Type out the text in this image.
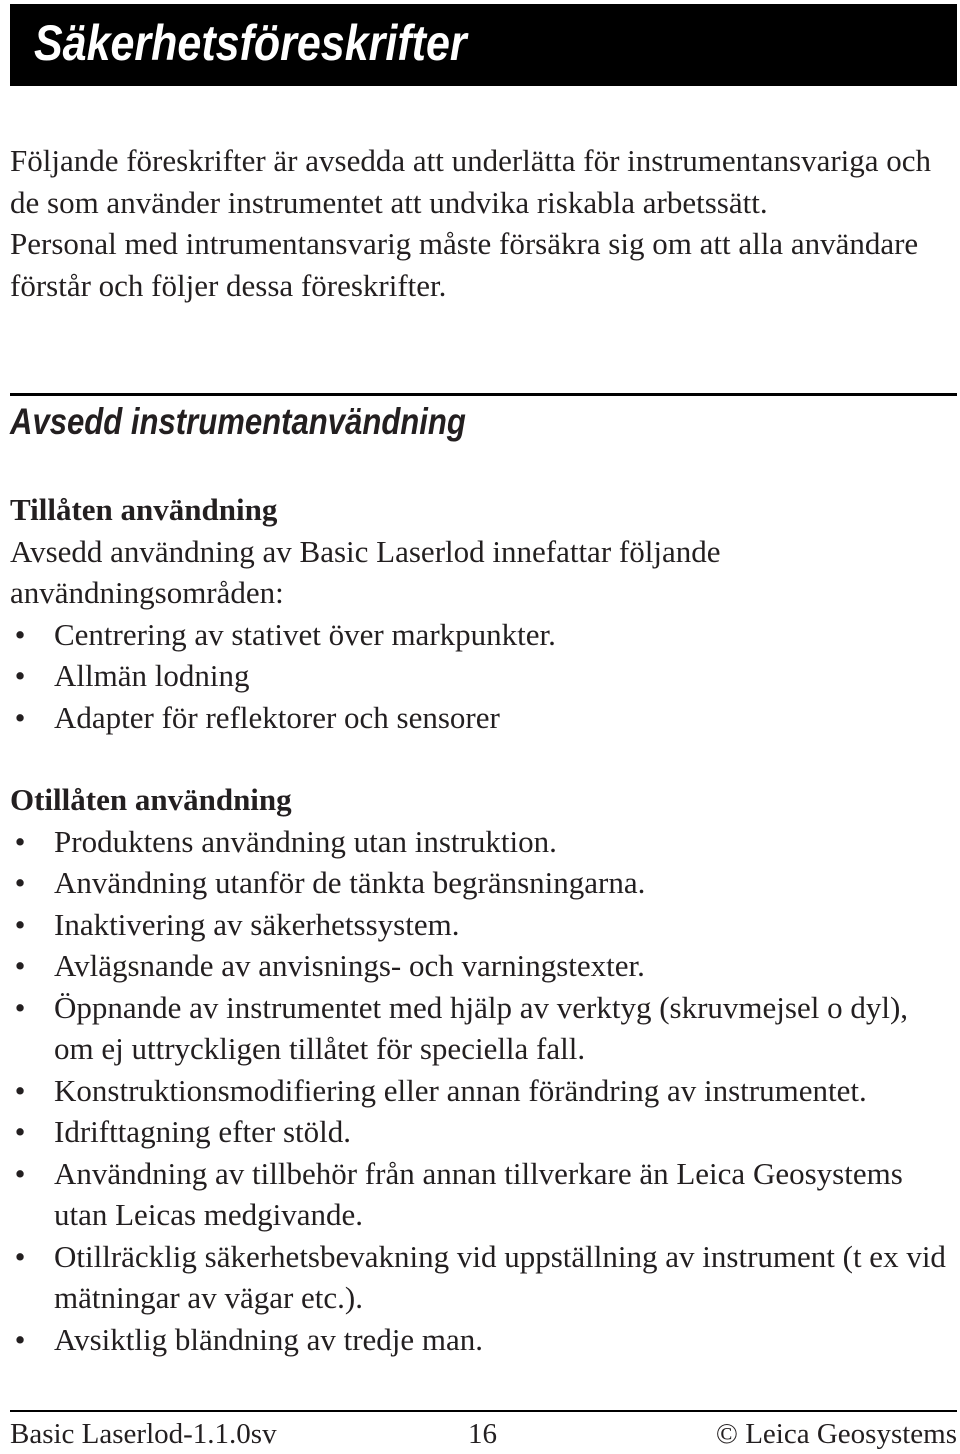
Säkerhetsföreskrifter

Följande föreskrifter är avsedda att underlätta för instrumentansvariga och de som använder instrumentet att undvika riskabla arbetssätt.

Personal med intrumentansvarig måste försäkra sig om att alla användare förstår och följer dessa föreskrifter.

Avsedd instrumentanvändning
Tillåten användning

Avsedd användning av Basic Laserlod innefattar följande användningsområden:

• Centrering av stativet över markpunkter.
• Allmän lodning
• Adapter för reflektorer och sensorer
Otillåten användning
• Produktens användning utan instruktion.
• Användning utanför de tänkta begränsningarna.
• Inaktivering av säkerhetssystem.
• Avlägsnande av anvisnings- och varningstexter.
• Öppnande av instrumentet med hjälp av verktyg (skruvmejsel o dyl), om ej uttryckligen tillåtet för speciella fall.
• Konstruktionsmodifiering eller annan förändring av instrumentet.
• Idrifttagning efter stöld.
• Användning av tillbehör från annan tillverkare än Leica Geosystems utan Leicas medgivande.
• Otillräcklig säkerhetsbevakning vid uppställning av instrument (t ex vid mätningar av vägar etc.).
• Avsiktlig bländning av tredje man.
Basic Laserlod-1.1.0sv	16	© Leica Geosystems
